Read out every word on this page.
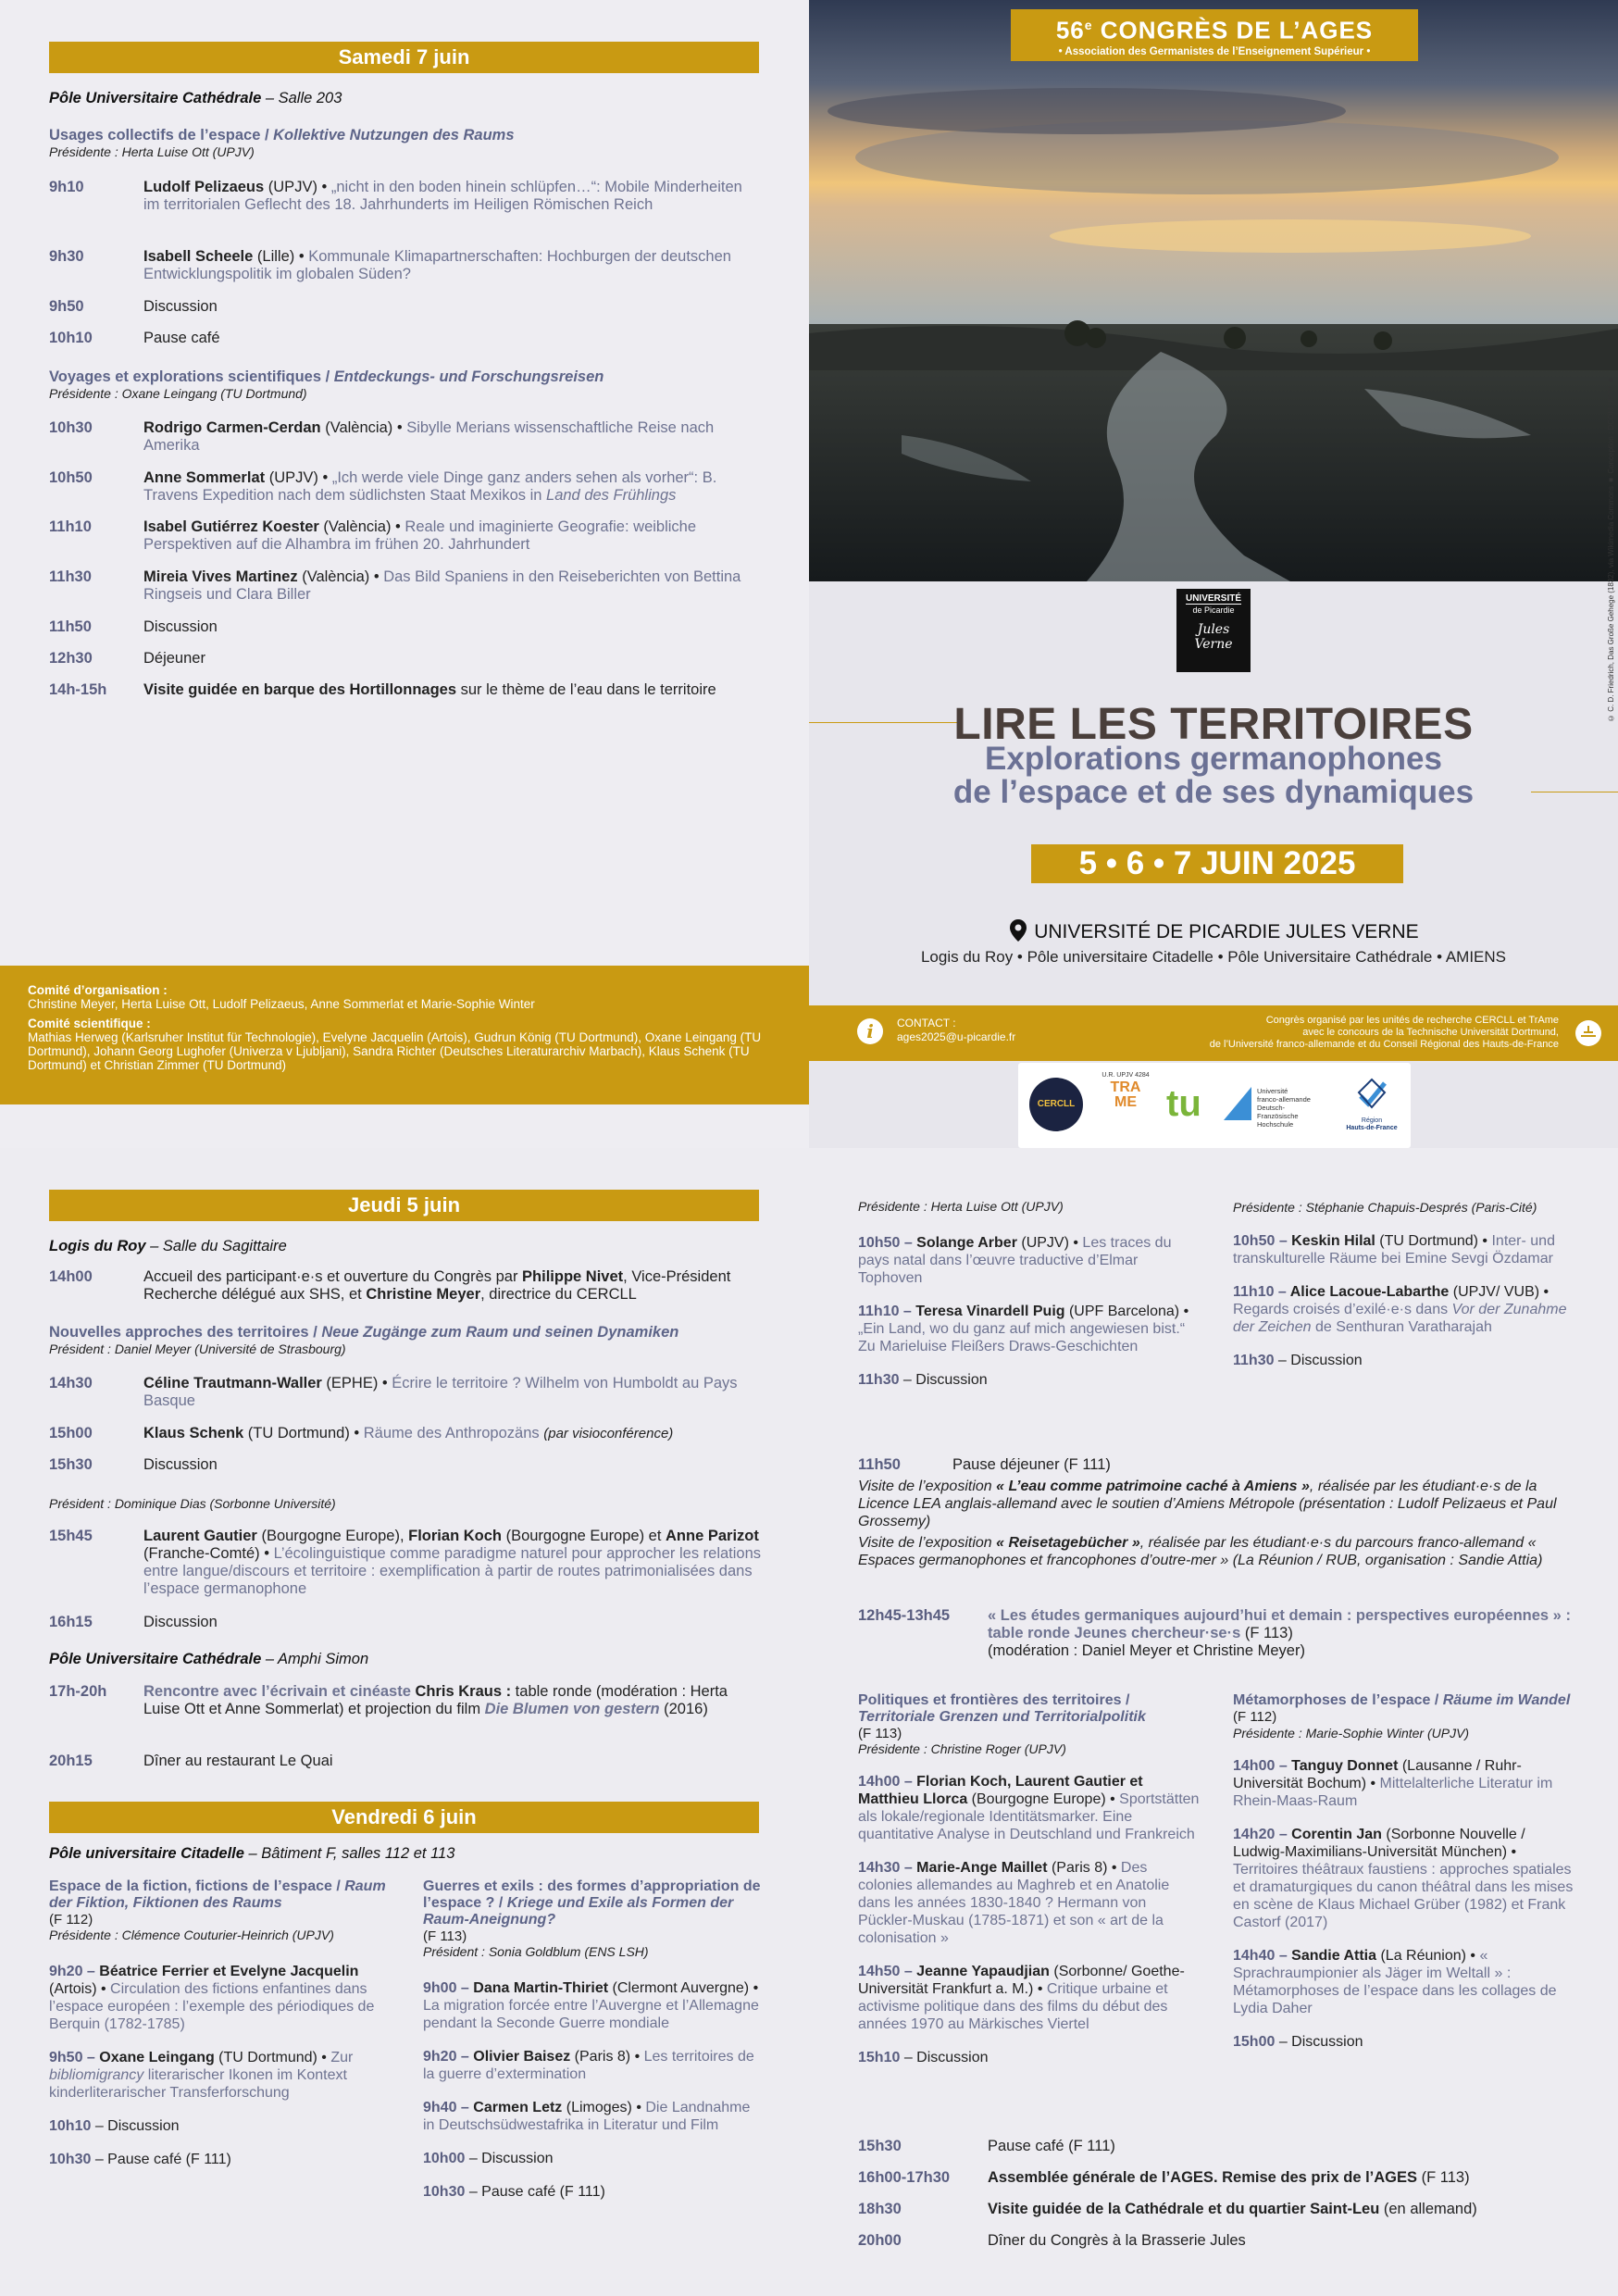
Samedi 7 juin
Pôle Universitaire Cathédrale – Salle 203
Usages collectifs de l’espace / Kollektive Nutzungen des Raums
Présidente : Herta Luise Ott (UPJV)
9h10	Ludolf Pelizaeus (UPJV) • „nicht in den boden hinein schlüpfen…“: Mobile Minderheiten im territorialen Geflecht des 18. Jahrhunderts im Heiligen Römischen Reich
9h30	Isabell Scheele (Lille) • Kommunale Klimapartnerschaften: Hochburgen der deutschen Entwicklungspolitik im globalen Süden?
9h50	Discussion
10h10	Pause café
Voyages et explorations scientifiques / Entdeckungs- und Forschungsreisen
Présidente : Oxane Leingang (TU Dortmund)
10h30	Rodrigo Carmen-Cerdan (València) • Sibylle Merians wissenschaftliche Reise nach Amerika
10h50	Anne Sommerlat (UPJV) • „Ich werde viele Dinge ganz anders sehen als vorher“: B. Travens Expedition nach dem südlichsten Staat Mexikos in Land des Frühlings
11h10	Isabel Gutiérrez Koester (València) • Reale und imaginierte Geografie: weibliche Perspektiven auf die Alhambra im frühen 20. Jahrhundert
11h30	Mireia Vives Martinez (València) • Das Bild Spaniens in den Reiseberichten von Bettina Ringseis und Clara Biller
11h50	Discussion
12h30	Déjeuner
14h-15h	Visite guidée en barque des Hortillonnages sur le thème de l’eau dans le territoire
Comité d’organisation :
Christine Meyer, Herta Luise Ott, Ludolf Pelizaeus, Anne Sommerlat et Marie-Sophie Winter
Comité scientifique :
Mathias Herweg (Karlsruher Institut für Technologie), Evelyne Jacquelin (Artois), Gudrun König (TU Dortmund), Oxane Leingang (TU Dortmund), Johann Georg Lughofer (Univerza v Ljubljani), Sandra Richter (Deutsches Literaturarchiv Marbach), Klaus Schenk (TU Dortmund) et Christian Zimmer (TU Dortmund)
56e CONGRÈS DE L’AGES
• Association des Germanistes de l’Enseignement Supérieur •
© C. D. Friedrich, Das Große Gehege (1832), via Wikimedia Commons ■ Conception : DCOM UPJV ■
UNIVERSITÉ
de Picardie
Jules Verne
LIRE LES TERRITOIRES
Explorations germanophones
de l’espace et de ses dynamiques
5 • 6 • 7 JUIN 2025
UNIVERSITÉ DE PICARDIE JULES VERNE
Logis du Roy • Pôle universitaire Citadelle • Pôle Universitaire Cathédrale • AMIENS
i	CONTACT :
ages2025@u-picardie.fr
Congrès organisé par les unités de recherche CERCLL et TrAme
avec le concours de la Technische Universität Dortmund,
de l’Université franco-allemande et du Conseil Régional des Hauts-de-France
CERCLL
U.R. UPJV 4284
TRAME tu	Université
franco-allemande
Deutsch-Französische
Hochschule	Région
Hauts-de-France
Jeudi 5 juin
Logis du Roy – Salle du Sagittaire
14h00	Accueil des participant·e·s et ouverture du Congrès par Philippe Nivet, Vice-Président Recherche délégué aux SHS, et Christine Meyer, directrice du CERCLL
Nouvelles approches des territoires / Neue Zugänge zum Raum und seinen Dynamiken
Président : Daniel Meyer (Université de Strasbourg)
14h30	Céline Trautmann-Waller (EPHE) • Écrire le territoire ? Wilhelm von Humboldt au Pays Basque
15h00	Klaus Schenk (TU Dortmund) • Räume des Anthropozäns (par visioconférence)
15h30	Discussion
Président : Dominique Dias (Sorbonne Université)
15h45	Laurent Gautier (Bourgogne Europe), Florian Koch (Bourgogne Europe) et Anne Parizot (Franche-Comté) • L’écolinguistique comme paradigme naturel pour approcher les relations entre langue/discours et territoire : exemplification à partir de routes patrimonialisées dans l’espace germanophone
16h15	Discussion
Pôle Universitaire Cathédrale – Amphi Simon
17h-20h	Rencontre avec l’écrivain et cinéaste Chris Kraus : table ronde (modération : Herta Luise Ott et Anne Sommerlat) et projection du film Die Blumen von gestern (2016)
20h15	Dîner au restaurant Le Quai
Vendredi 6 juin
Pôle universitaire Citadelle – Bâtiment F, salles 112 et 113
Espace de la fiction, fictions de l’espace / Raum der Fiktion, Fiktionen des Raums
(F 112)
Présidente : Clémence Couturier-Heinrich (UPJV)
9h20 – Béatrice Ferrier et Evelyne Jacquelin (Artois) • Circulation des fictions enfantines dans l’espace européen : l’exemple des périodiques de Berquin (1782-1785)
9h50 – Oxane Leingang (TU Dortmund) • Zur bibliomigrancy literarischer Ikonen im Kontext kinderliterarischer Transferforschung
10h10 – Discussion
10h30 – Pause café (F 111)
Guerres et exils : des formes d’appropriation de l’espace ? / Kriege und Exile als Formen der Raum-Aneignung?
(F 113)
Président : Sonia Goldblum (ENS LSH)
9h00 – Dana Martin-Thiriet (Clermont Auvergne) • La migration forcée entre l’Auvergne et l’Allemagne pendant la Seconde Guerre mondiale
9h20 – Olivier Baisez (Paris 8) • Les territoires de la guerre d’extermination
9h40 – Carmen Letz (Limoges) • Die Landnahme in Deutschsüdwestafrika in Literatur und Film
10h00 – Discussion
10h30 – Pause café (F 111)
Présidente : Herta Luise Ott (UPJV)
10h50 – Solange Arber (UPJV) • Les traces du pays natal dans l’œuvre traductive d’Elmar Tophoven
11h10 – Teresa Vinardell Puig (UPF Barcelona) • „Ein Land, wo du ganz auf mich angewiesen bist.“ Zu Marieluise Fleißers Draws-Geschichten
11h30 – Discussion
Présidente : Stéphanie Chapuis-Després (Paris-Cité)
10h50 – Keskin Hilal (TU Dortmund) • Inter- und transkulturelle Räume bei Emine Sevgi Özdamar
11h10 – Alice Lacoue-Labarthe (UPJV/ VUB) • Regards croisés d’exilé·e·s dans Vor der Zunahme der Zeichen de Senthuran Varatharajah
11h30 – Discussion
11h50	Pause déjeuner (F 111)
Visite de l’exposition « L’eau comme patrimoine caché à Amiens », réalisée par les étudiant·e·s de la Licence LEA anglais-allemand avec le soutien d’Amiens Métropole (présentation : Ludolf Pelizaeus et Paul Grossemy)
Visite de l’exposition « Reisetagebücher », réalisée par les étudiant·e·s du parcours franco-allemand « Espaces germanophones et francophones d’outre-mer » (La Réunion / RUB, organisation : Sandie Attia)
12h45-13h45	« Les études germaniques aujourd’hui et demain : perspectives européennes » : table ronde Jeunes chercheur·se·s (F 113)
(modération : Daniel Meyer et Christine Meyer)
Politiques et frontières des territoires / Territoriale Grenzen und Territorialpolitik
(F 113)
Présidente : Christine Roger (UPJV)
14h00 – Florian Koch, Laurent Gautier et Matthieu Llorca (Bourgogne Europe) • Sportstätten als lokale/regionale Identitätsmarker. Eine quantitative Analyse in Deutschland und Frankreich
14h30 – Marie-Ange Maillet (Paris 8) • Des colonies allemandes au Maghreb et en Anatolie dans les années 1830-1840 ? Hermann von Pückler-Muskau (1785-1871) et son « art de la colonisation »
14h50 – Jeanne Yapaudjian (Sorbonne/ Goethe-Universität Frankfurt a. M.) • Critique urbaine et activisme politique dans des films du début des années 1970 au Märkisches Viertel
15h10 – Discussion
Métamorphoses de l’espace / Räume im Wandel (F 112)
Présidente : Marie-Sophie Winter (UPJV)
14h00 – Tanguy Donnet (Lausanne / Ruhr-Universität Bochum) • Mittelalterliche Literatur im Rhein-Maas-Raum
14h20 – Corentin Jan (Sorbonne Nouvelle / Ludwig-Maximilians-Universität München) • Territoires théâtraux faustiens : approches spatiales et dramaturgiques du canon théâtral dans les mises en scène de Klaus Michael Grüber (1982) et Frank Castorf (2017)
14h40 – Sandie Attia (La Réunion) • « Sprachraumpionier als Jäger im Weltall » : Métamorphoses de l’espace dans les collages de Lydia Daher
15h00 – Discussion
15h30	Pause café (F 111)
16h00-17h30	Assemblée générale de l’AGES. Remise des prix de l’AGES (F 113)
18h30	Visite guidée de la Cathédrale et du quartier Saint-Leu (en allemand)
20h00	Dîner du Congrès à la Brasserie Jules
